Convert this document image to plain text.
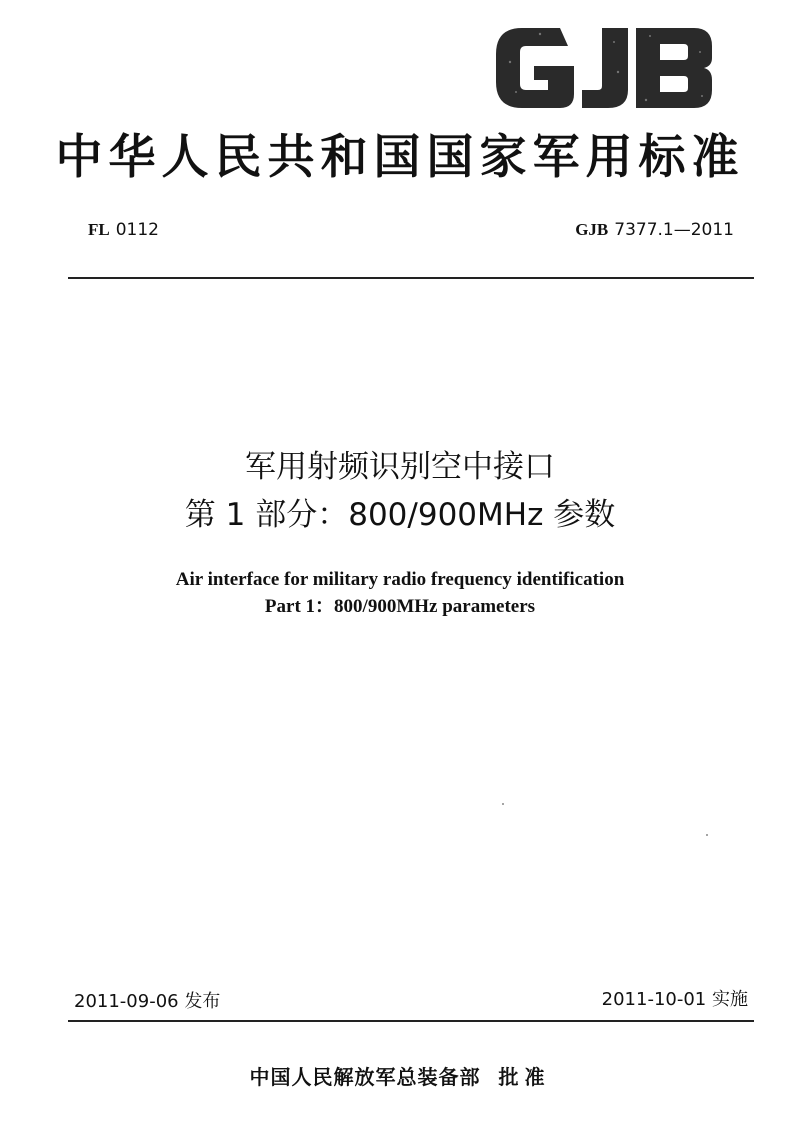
中华人民共和国国家军用标准
FL 0112	GJB 7377.1—2011
军用射频识别空中接口
第 1 部分：800/900MHz 参数
Air interface for military radio frequency identification
Part 1：800/900MHz parameters
2011-09-06 发布	2011-10-01 实施
中国人民解放军总装备部 批准
